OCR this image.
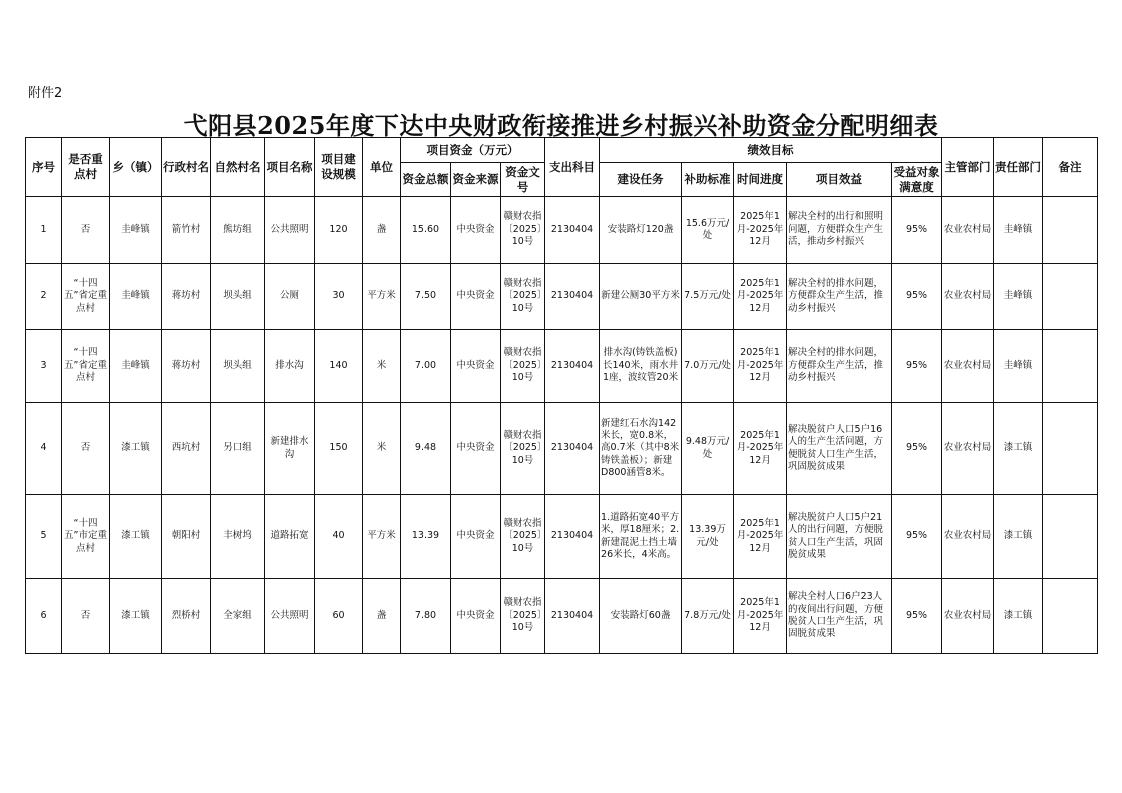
附件2
弋阳县2025年度下达中央财政衔接推进乡村振兴补助资金分配明细表
序号	是否重点村	乡（镇）	行政村名	自然村名	项目名称	项目建设规模	单位	项目资金（万元）			支出科目	绩效目标					主管部门	责任部门	备注
								资金总额	资金来源	资金文号		建设任务	补助标准	时间进度	项目效益	受益对象满意度			
1	否	圭峰镇	箭竹村	熊坊组	公共照明	120	盏	15.60	中央资金	赣财农指〔2025〕10号	2130404	安装路灯120盏	15.6万元/处	2025年1月-2025年12月	解决全村的出行和照明问题，方便群众生产生活，推动乡村振兴	95%	农业农村局	圭峰镇	
2	“十四五”省定重点村	圭峰镇	蒋坊村	坝头组	公厕	30	平方米	7.50	中央资金	赣财农指〔2025〕10号	2130404	新建公厕30平方米	7.5万元/处	2025年1月-2025年12月	解决全村的排水问题，方便群众生产生活，推动乡村振兴	95%	农业农村局	圭峰镇	
3	“十四五”省定重点村	圭峰镇	蒋坊村	坝头组	排水沟	140	米	7.00	中央资金	赣财农指〔2025〕10号	2130404	排水沟(铸铁盖板)长140米，雨水井1座，波纹管20米	7.0万元/处	2025年1月-2025年12月	解决全村的排水问题，方便群众生产生活，推动乡村振兴	95%	农业农村局	圭峰镇	
4	否	漆工镇	西坑村	另口组	新建排水沟	150	米	9.48	中央资金	赣财农指〔2025〕10号	2130404	新建红石水沟142米长，宽0.8米，高0.7米（其中8米铸铁盖板）；新建D800涵管8米。	9.48万元/处	2025年1月-2025年12月	解决脱贫户人口5户16人的生产生活问题，方便脱贫人口生产生活，巩固脱贫成果	95%	农业农村局	漆工镇	
5	“十四五”市定重点村	漆工镇	朝阳村	丰树坞	道路拓宽	40	平方米	13.39	中央资金	赣财农指〔2025〕10号	2130404	1.道路拓宽40平方米，厚18厘米；2.新建混泥土挡土墙26米长，4米高。	13.39万元/处	2025年1月-2025年12月	解决脱贫户人口5户21人的出行问题，方便脱贫人口生产生活，巩固脱贫成果	95%	农业农村局	漆工镇	
6	否	漆工镇	烈桥村	全家组	公共照明	60	盏	7.80	中央资金	赣财农指〔2025〕10号	2130404	安装路灯60盏	7.8万元/处	2025年1月-2025年12月	解决全村人口6户23人的夜间出行问题，方便脱贫人口生产生活，巩固脱贫成果	95%	农业农村局	漆工镇	
